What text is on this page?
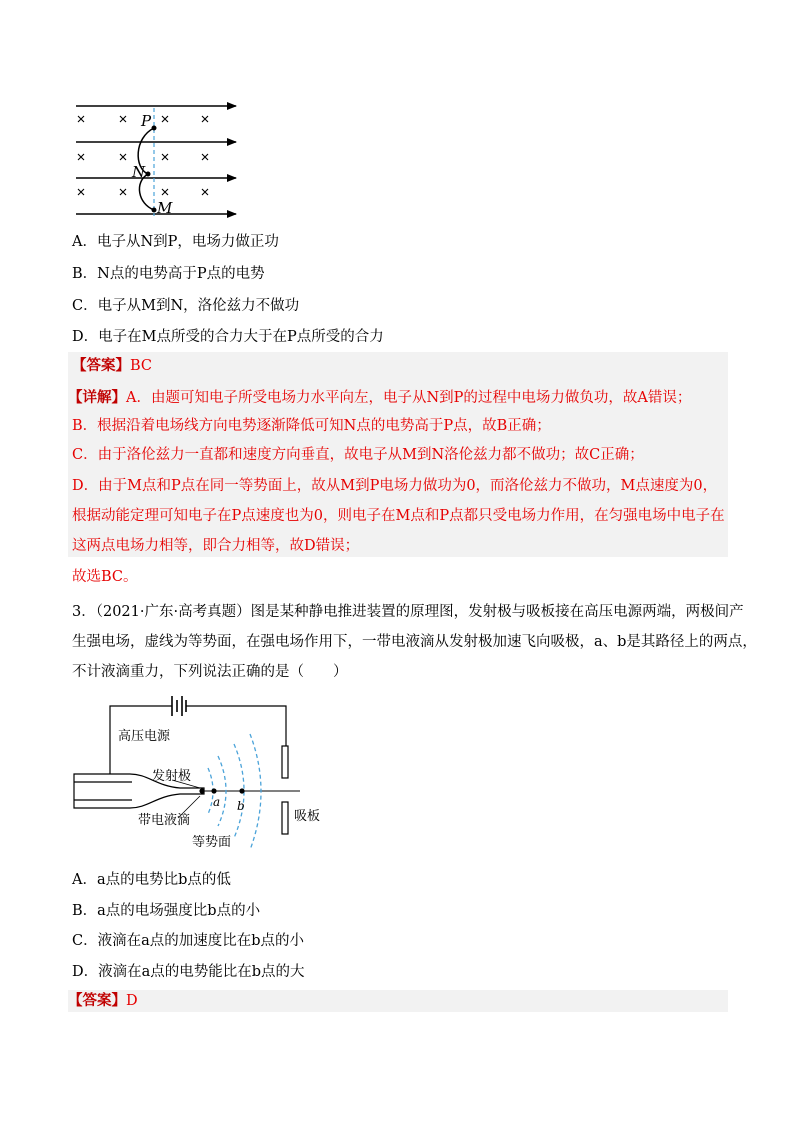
P
N
M
A．电子从N到P，电场力做正功
B．N点的电势高于P点的电势
C．电子从M到N，洛伦兹力不做功
D．电子在M点所受的合力大于在P点所受的合力
【答案】BC
【详解】A．由题可知电子所受电场力水平向左，电子从N到P的过程中电场力做负功，故A错误；
B．根据沿着电场线方向电势逐渐降低可知N点的电势高于P点，故B正确；
C．由于洛伦兹力一直都和速度方向垂直，故电子从M到N洛伦兹力都不做功；故C正确；
D．由于M点和P点在同一等势面上，故从M到P电场力做功为0，而洛伦兹力不做功，M点速度为0，
根据动能定理可知电子在P点速度也为0，则电子在M点和P点都只受电场力作用，在匀强电场中电子在
这两点电场力相等，即合力相等，故D错误；
故选BC。
3．（2021·广东·高考真题）图是某种静电推进装置的原理图，发射极与吸板接在高压电源两端，两极间产
生强电场，虚线为等势面，在强电场作用下，一带电液滴从发射极加速飞向吸极，a、b是其路径上的两点，
不计液滴重力，下列说法正确的是（　　）
高压电源
发射极
带电液滴
等势面
吸板
a b
A．a点的电势比b点的低
B．a点的电场强度比b点的小
C．液滴在a点的加速度比在b点的小
D．液滴在a点的电势能比在b点的大
【答案】D
